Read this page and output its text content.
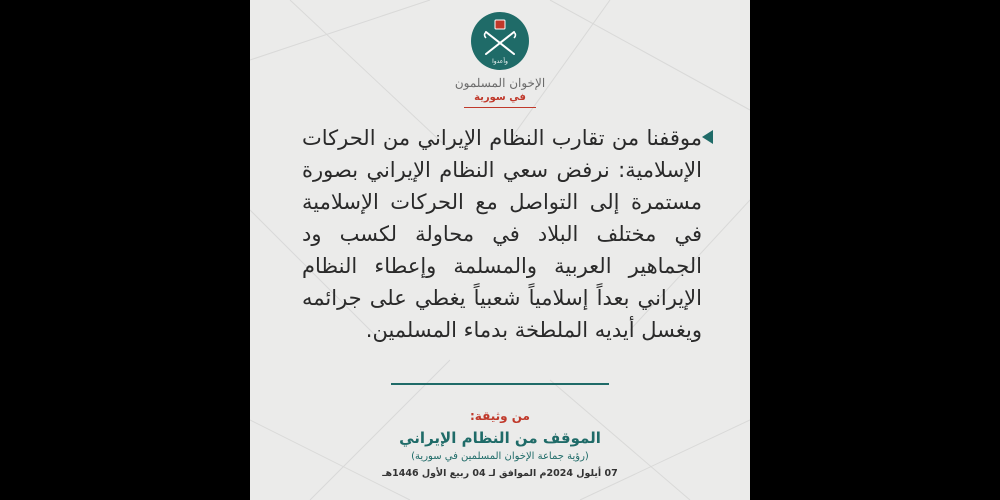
وأعدوا
الإخوان المسلمون
في سورية
موقفنا من تقارب النظام الإيراني من الحركات الإسلامية: نرفض سعي النظام الإيراني بصورة مستمرة إلى التواصل مع الحركات الإسلامية في مختلف البلاد في محاولة لكسب ود الجماهير العربية والمسلمة وإعطاء النظام الإيراني بعداً إسلامياً شعبياً يغطي على جرائمه ويغسل أيديه الملطخة بدماء المسلمين.
من وثيقة:
الموقف من النظام الإيراني
(رؤية جماعة الإخوان المسلمين في سورية)
07 أيلول 2024م الموافق لـ 04 ربيع الأول 1446هـ
